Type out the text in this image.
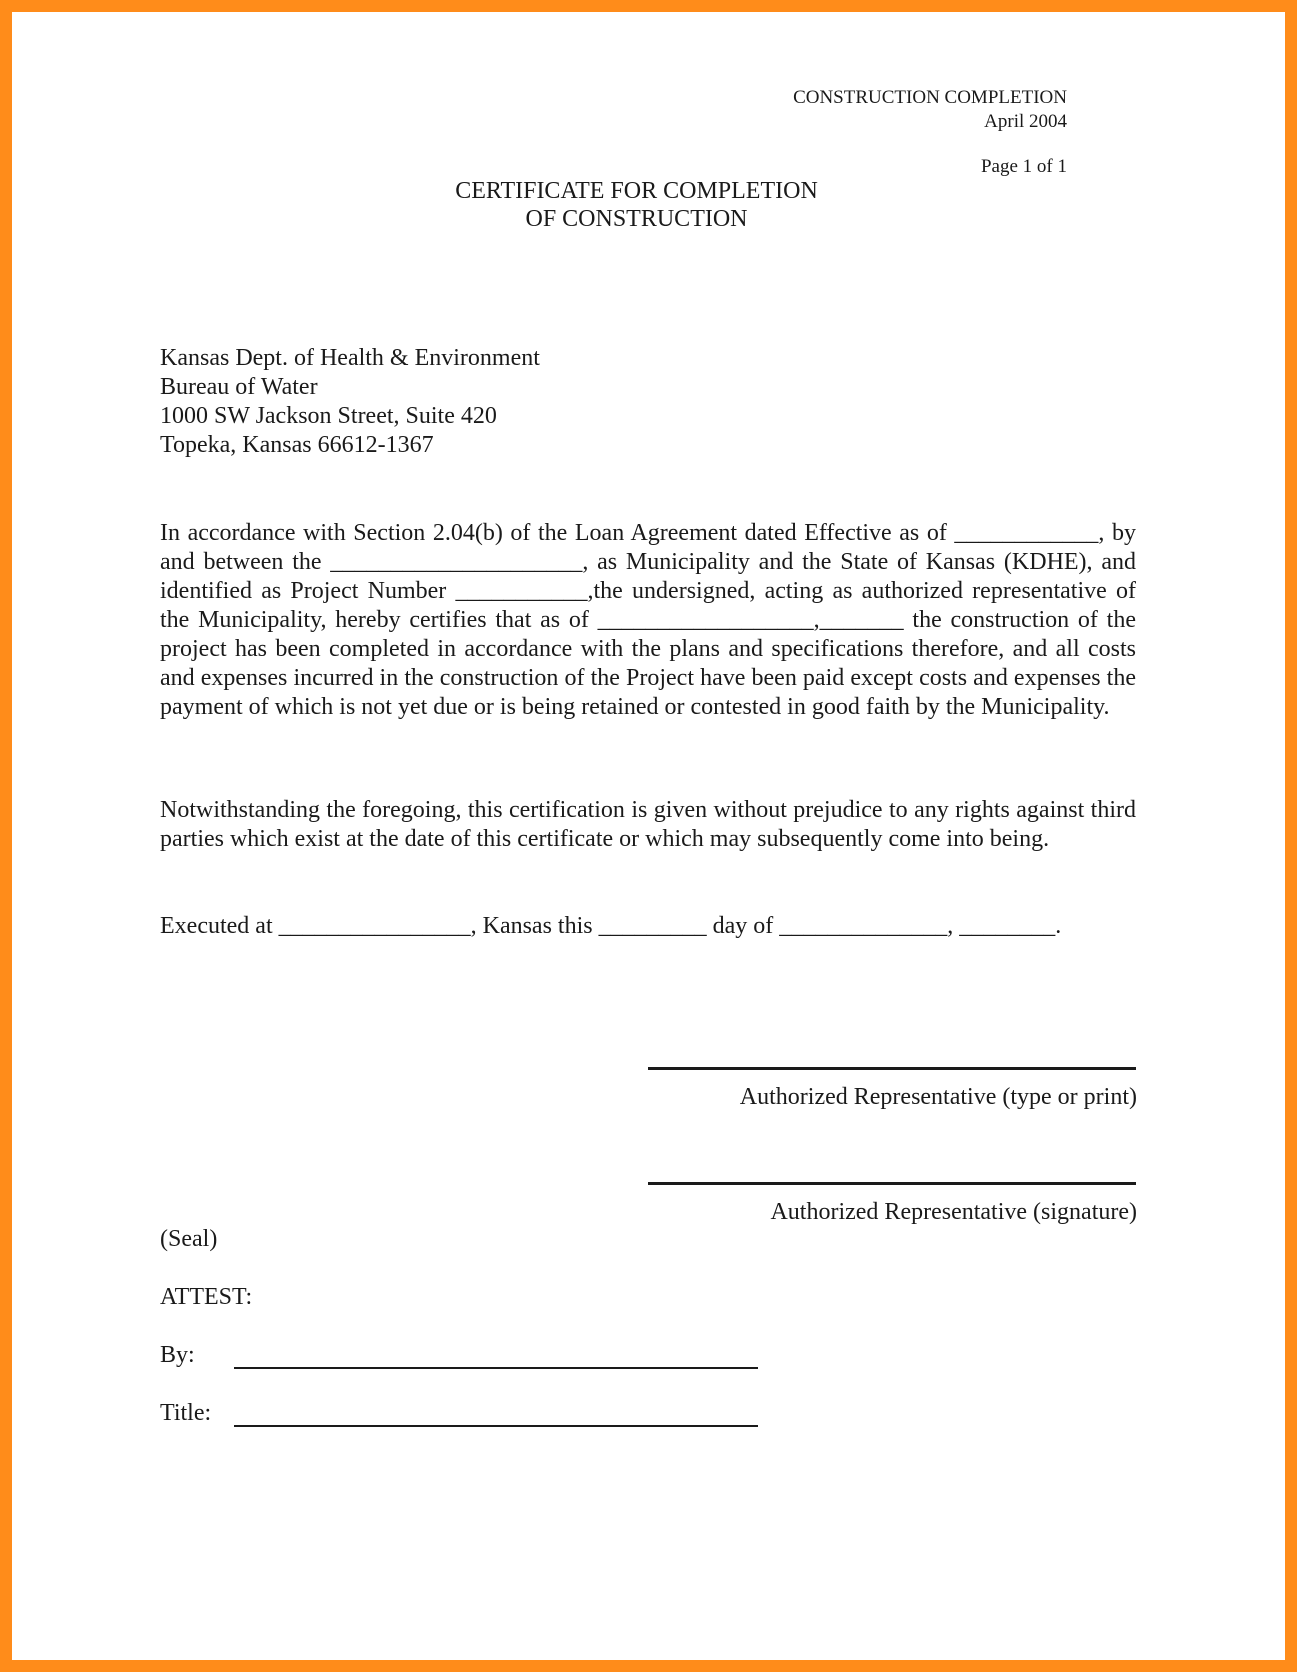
CONSTRUCTION COMPLETION
April 2004
Page 1 of 1
CERTIFICATE FOR COMPLETION
OF CONSTRUCTION
Kansas Dept. of Health & Environment
Bureau of Water
1000 SW Jackson Street, Suite 420
Topeka, Kansas 66612-1367
In accordance with Section 2.04(b) of the Loan Agreement dated Effective as of ____________, by and between the _____________________, as Municipality and the State of Kansas (KDHE), and identified as Project Number ___________,the undersigned, acting as authorized representative of the Municipality, hereby certifies that as of __________________,_______ the construction of the project has been completed in accordance with the plans and specifications therefore, and all costs and expenses incurred in the construction of the Project have been paid except costs and expenses the payment of which is not yet due or is being retained or contested in good faith by the Municipality.
Notwithstanding the foregoing, this certification is given without prejudice to any rights against third parties which exist at the date of this certificate or which may subsequently come into being.
Executed at ________________, Kansas this _________ day of ______________, ________.
Authorized Representative (type or print)
Authorized Representative (signature)
(Seal)
ATTEST:
By:
Title:
